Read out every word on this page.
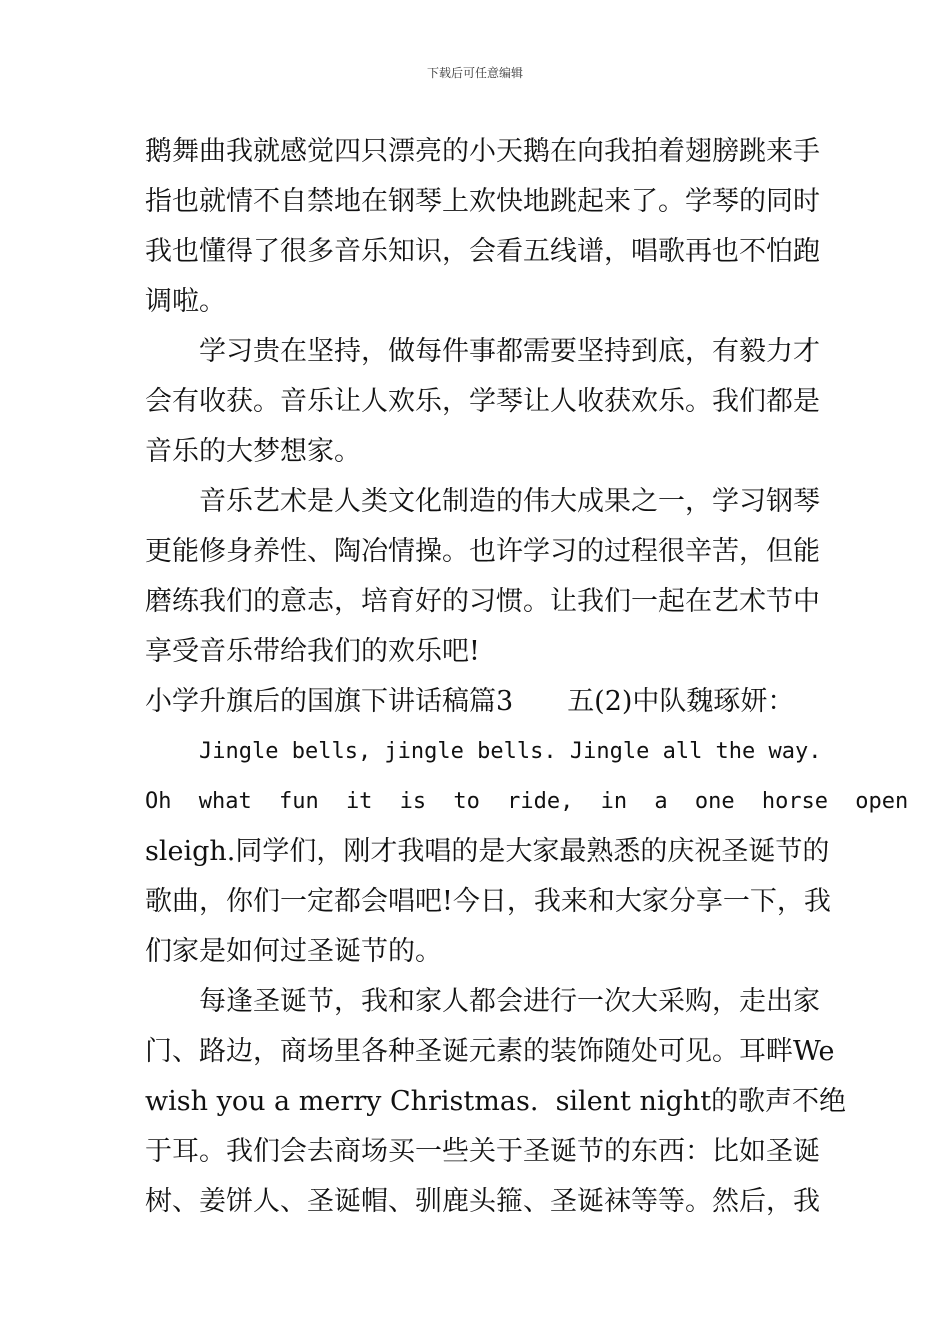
下载后可任意编辑
鹅舞曲我就感觉四只漂亮的小天鹅在向我拍着翅膀跳来手
指也就情不自禁地在钢琴上欢快地跳起来了。学琴的同时
我也懂得了很多音乐知识，会看五线谱，唱歌再也不怕跑
调啦。
学习贵在坚持，做每件事都需要坚持到底，有毅力才
会有收获。音乐让人欢乐，学琴让人收获欢乐。我们都是
音乐的大梦想家。
音乐艺术是人类文化制造的伟大成果之一，学习钢琴
更能修身养性、陶冶情操。也许学习的过程很辛苦，但能
磨练我们的意志，培育好的习惯。让我们一起在艺术节中
享受音乐带给我们的欢乐吧!
小学升旗后的国旗下讲话稿篇3 五(2)中队魏琢妍：
Jingle bells, jingle bells. Jingle all the way.
Oh what fun it is to ride, in a one horse open
sleigh.同学们，刚才我唱的是大家最熟悉的庆祝圣诞节的
歌曲，你们一定都会唱吧!今日，我来和大家分享一下，我
们家是如何过圣诞节的。
每逢圣诞节，我和家人都会进行一次大采购，走出家
门、路边，商场里各种圣诞元素的装饰随处可见。耳畔We
wish you a merry Christmas.  silent night的歌声不绝
于耳。我们会去商场买一些关于圣诞节的东西：比如圣诞
树、姜饼人、圣诞帽、驯鹿头箍、圣诞袜等等。然后，我
